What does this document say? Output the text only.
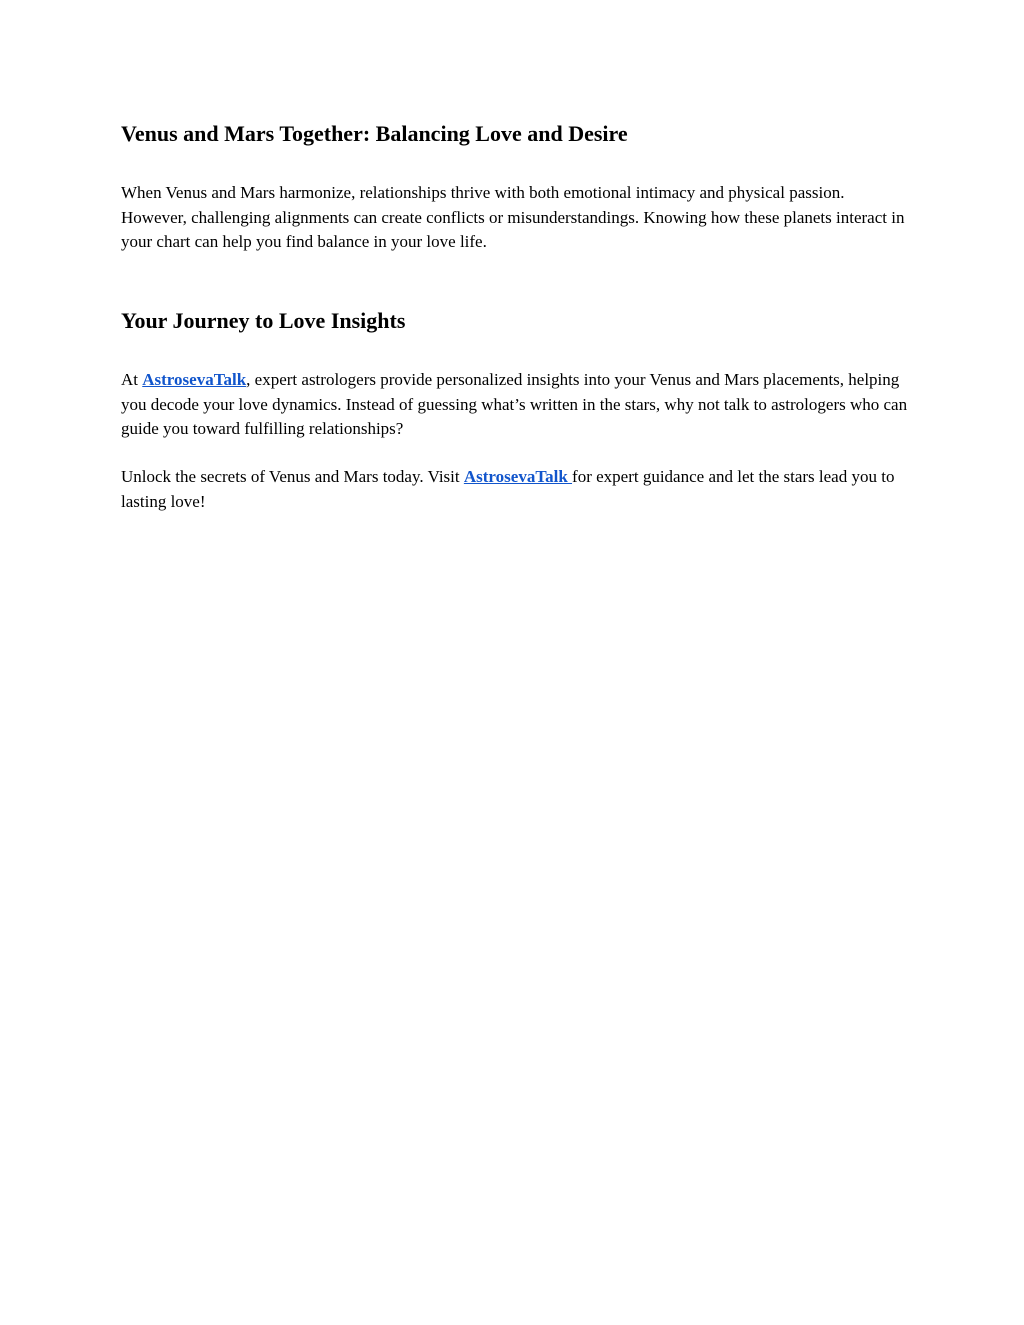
Venus and Mars Together: Balancing Love and Desire

When Venus and Mars harmonize, relationships thrive with both emotional intimacy and physical passion. However, challenging alignments can create conflicts or misunderstandings. Knowing how these planets interact in your chart can help you find balance in your love life.

Your Journey to Love Insights

At AstrosevaTalk, expert astrologers provide personalized insights into your Venus and Mars placements, helping you decode your love dynamics. Instead of guessing what’s written in the stars, why not talk to astrologers who can guide you toward fulfilling relationships?

Unlock the secrets of Venus and Mars today. Visit AstrosevaTalk for expert guidance and let the stars lead you to lasting love!
